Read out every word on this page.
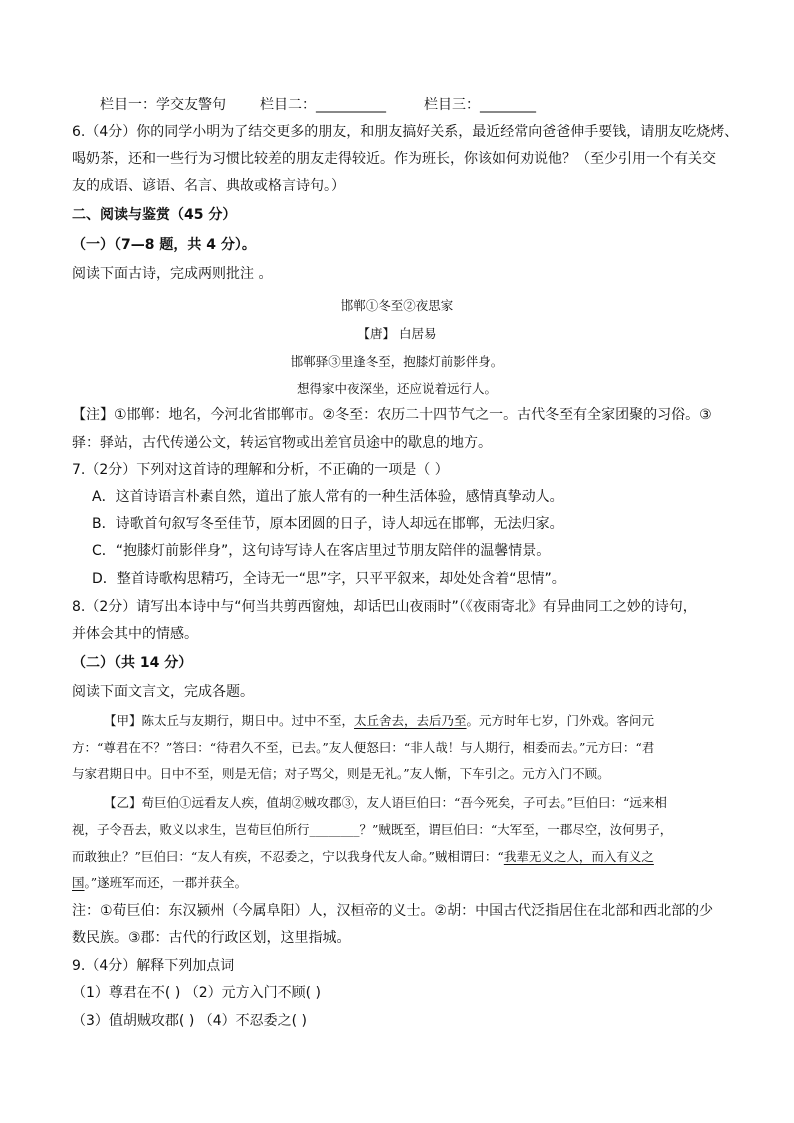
栏目一：学交友警句 栏目二：__________	栏目三：________
6.（4分）你的同学小明为了结交更多的朋友，和朋友搞好关系，最近经常向爸爸伸手要钱，请朋友吃烧烤、
喝奶茶，还和一些行为习惯比较差的朋友走得较近。作为班长，你该如何劝说他？（至少引用一个有关交
友的成语、谚语、名言、典故或格言诗句。）
二、阅读与鉴赏（45 分）
（一）（7—8 题，共 4 分）。
阅读下面古诗，完成两则批注 。
邯郸①冬至②夜思家
【唐】 白居易
邯郸驿③里逢冬至，抱膝灯前影伴身。
想得家中夜深坐，还应说着远行人。
【注】①邯郸：地名，今河北省邯郸市。②冬至：农历二十四节气之一。古代冬至有全家团聚的习俗。③
驿：驿站，古代传递公文，转运官物或出差官员途中的歇息的地方。
7.（2分）下列对这首诗的理解和分析，不正确的一项是（ ）
A．这首诗语言朴素自然，道出了旅人常有的一种生活体验，感情真挚动人。
B．诗歌首句叙写冬至佳节，原本团圆的日子，诗人却远在邯郸，无法归家。
C．“抱膝灯前影伴身”，这句诗写诗人在客店里过节朋友陪伴的温馨情景。
D．整首诗歌构思精巧，全诗无一“思”字，只平平叙来，却处处含着“思情”。
8.（2分）请写出本诗中与“何当共剪西窗烛，却话巴山夜雨时”（《夜雨寄北》有异曲同工之妙的诗句，
并体会其中的情感。
（二）（共 14 分）
阅读下面文言文，完成各题。
【甲】陈太丘与友期行，期日中。过中不至，太丘舍去，去后乃至。元方时年七岁，门外戏。客问元
方：“尊君在不？”答曰：“待君久不至，已去。”友人便怒曰：“非人哉！与人期行，相委而去。”元方曰：“君
与家君期日中。日中不至，则是无信；对子骂父，则是无礼。”友人惭，下车引之。元方入门不顾。
【乙】荀巨伯①远看友人疾，值胡②贼攻郡③，友人语巨伯曰：“吾今死矣，子可去。”巨伯曰：“远来相
视，子令吾去，败义以求生，岂荀巨伯所行________？”贼既至，谓巨伯曰：“大军至，一郡尽空，汝何男子，
而敢独止？”巨伯曰：“友人有疾，不忍委之，宁以我身代友人命。”贼相谓曰：“我辈无义之人，而入有义之
国。”遂班军而还，一郡并获全。
注：①荀巨伯：东汉颍州（今属阜阳）人，汉桓帝的义士。②胡：中国古代泛指居住在北部和西北部的少
数民族。③郡：古代的行政区划，这里指城。
9.（4分）解释下列加点词
（1）尊君在不( ) （2）元方入门不顾( )
（3）值胡贼攻郡( ) （4）不忍委之( )
